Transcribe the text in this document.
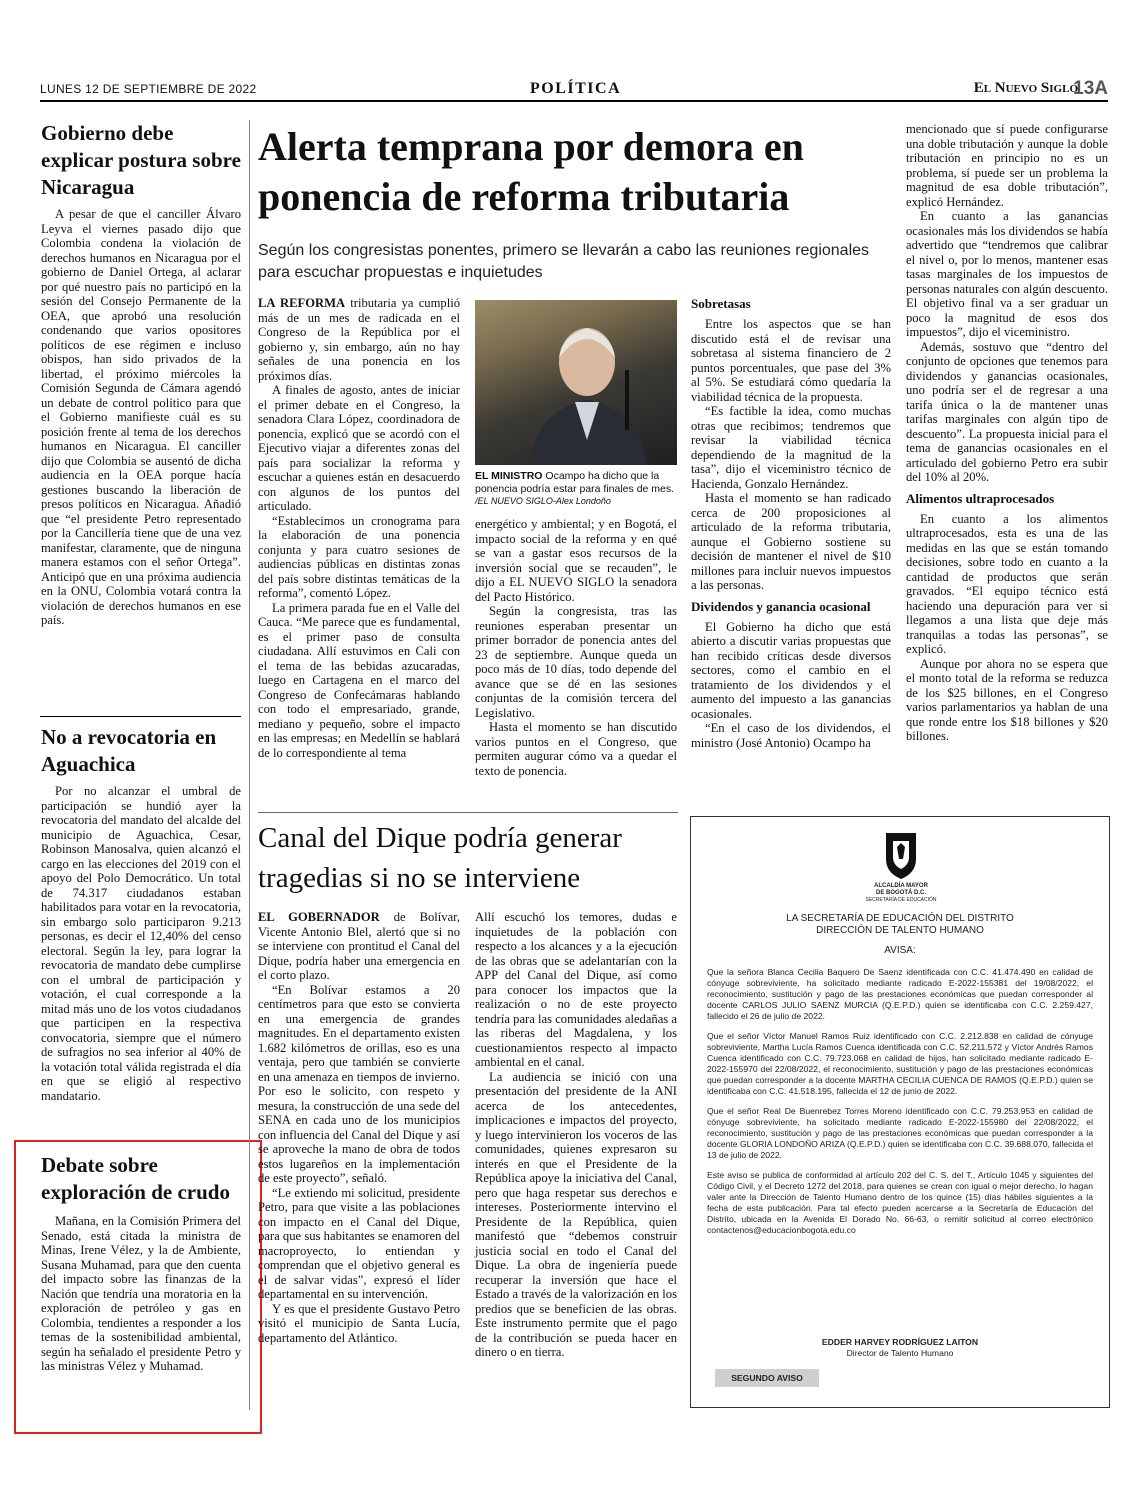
LUNES 12 DE SEPTIEMBRE DE 2022	POLÍTICA	El Nuevo Siglo
13A
Gobierno debe explicar postura sobre Nicaragua

A pesar de que el canciller Álvaro Leyva el viernes pasado dijo que Colombia condena la violación de derechos humanos en Nicaragua por el gobierno de Daniel Ortega, al aclarar por qué nuestro país no participó en la sesión del Consejo Permanente de la OEA, que aprobó una resolución condenando que varios opositores políticos de ese régimen e incluso obispos, han sido privados de la libertad, el próximo miércoles la Comisión Segunda de Cámara agendó un debate de control político para que el Gobierno manifieste cuál es su posición frente al tema de los derechos humanos en Nicaragua. El canciller dijo que Colombia se ausentó de dicha audiencia en la OEA porque hacía gestiones buscando la liberación de presos políticos en Nicaragua. Añadió que “el presidente Petro representado por la Cancillería tiene que de una vez manifestar, claramente, que de ninguna manera estamos con el señor Ortega”. Anticipó que en una próxima audiencia en la ONU, Colombia votará contra la violación de derechos humanos en ese país.

No a revocatoria en Aguachica

Por no alcanzar el umbral de participación se hundió ayer la revocatoria del mandato del alcalde del municipio de Aguachica, Cesar, Robinson Manosalva, quien alcanzó el cargo en las elecciones del 2019 con el apoyo del Polo Democrático. Un total de 74.317 ciudadanos estaban habilitados para votar en la revocatoria, sin embargo solo participaron 9.213 personas, es decir el 12,40% del censo electoral. Según la ley, para lograr la revocatoria de mandato debe cumplirse con el umbral de participación y votación, el cual corresponde a la mitad más uno de los votos ciudadanos que participen en la respectiva convocatoria, siempre que el número de sufragios no sea inferior al 40% de la votación total válida registrada el día en que se eligió al respectivo mandatario.

Debate sobre exploración de crudo

Mañana, en la Comisión Primera del Senado, está citada la ministra de Minas, Irene Vélez, y la de Ambiente, Susana Muhamad, para que den cuenta del impacto sobre las finanzas de la Nación que tendría una moratoria en la exploración de petróleo y gas en Colombia, tendientes a responder a los temas de la sostenibilidad ambiental, según ha señalado el presidente Petro y las ministras Vélez y Muhamad.

Alerta temprana por demora en ponencia de reforma tributaria
Según los congresistas ponentes, primero se llevarán a cabo las reuniones regionales para escuchar propuestas e inquietudes

LA REFORMA tributaria ya cumplió más de un mes de radicada en el Congreso de la República por el gobierno y, sin embargo, aún no hay señales de una ponencia en los próximos días.

A finales de agosto, antes de iniciar el primer debate en el Congreso, la senadora Clara López, coordinadora de ponencia, explicó que se acordó con el Ejecutivo viajar a diferentes zonas del país para socializar la reforma y escuchar a quienes están en desacuerdo con algunos de los puntos del articulado.

“Establecimos un cronograma para la elaboración de una ponencia conjunta y para cuatro sesiones de audiencias públicas en distintas zonas del país sobre distintas temáticas de la reforma”, comentó López.

La primera parada fue en el Valle del Cauca. “Me parece que es fundamental, es el primer paso de consulta ciudadana. Allí estuvimos en Cali con el tema de las bebidas azucaradas, luego en Cartagena en el marco del Congreso de Confecámaras hablando con todo el empresariado, grande, mediano y pequeño, sobre el impacto en las empresas; en Medellín se hablará de lo correspondiente al tema

EL MINISTRO Ocampo ha dicho que la ponencia podría estar para finales de mes. /EL NUEVO SIGLO-Alex Londoño

energético y ambiental; y en Bogotá, el impacto social de la reforma y en qué se van a gastar esos recursos de la inversión social que se recauden”, le dijo a EL NUEVO SIGLO la senadora del Pacto Histórico.

Según la congresista, tras las reuniones esperaban presentar un primer borrador de ponencia antes del 23 de septiembre. Aunque queda un poco más de 10 días, todo depende del avance que se dé en las sesiones conjuntas de la comisión tercera del Legislativo.

Hasta el momento se han discutido varios puntos en el Congreso, que permiten augurar cómo va a quedar el texto de ponencia.

Sobretasas

Entre los aspectos que se han discutido está el de revisar una sobretasa al sistema financiero de 2 puntos porcentuales, que pase del 3% al 5%. Se estudiará cómo quedaría la viabilidad técnica de la propuesta.

“Es factible la idea, como muchas otras que recibimos; tendremos que revisar la viabilidad técnica dependiendo de la magnitud de la tasa”, dijo el viceministro técnico de Hacienda, Gonzalo Hernández.

Hasta el momento se han radicado cerca de 200 proposiciones al articulado de la reforma tributaria, aunque el Gobierno sostiene su decisión de mantener el nivel de $10 millones para incluir nuevos impuestos a las personas.

Dividendos y ganancia ocasional

El Gobierno ha dicho que está abierto a discutir varias propuestas que han recibido críticas desde diversos sectores, como el cambio en el tratamiento de los dividendos y el aumento del impuesto a las ganancias ocasionales.

“En el caso de los dividendos, el ministro (José Antonio) Ocampo ha

mencionado que sí puede configurarse una doble tributación y aunque la doble tributación en principio no es un problema, sí puede ser un problema la magnitud de esa doble tributación”, explicó Hernández.

En cuanto a las ganancias ocasionales más los dividendos se había advertido que “tendremos que calibrar el nivel o, por lo menos, mantener esas tasas marginales de los impuestos de personas naturales con algún descuento. El objetivo final va a ser graduar un poco la magnitud de esos dos impuestos”, dijo el viceministro.

Además, sostuvo que “dentro del conjunto de opciones que tenemos para dividendos y ganancias ocasionales, uno podría ser el de regresar a una tarifa única o la de mantener unas tarifas marginales con algún tipo de descuento”. La propuesta inicial para el tema de ganancias ocasionales en el articulado del gobierno Petro era subir del 10% al 20%.

Alimentos ultraprocesados

En cuanto a los alimentos ultraprocesados, esta es una de las medidas en las que se están tomando decisiones, sobre todo en cuanto a la cantidad de productos que serán gravados. “El equipo técnico está haciendo una depuración para ver si llegamos a una lista que deje más tranquilas a todas las personas”, se explicó.

Aunque por ahora no se espera que el monto total de la reforma se reduzca de los $25 billones, en el Congreso varios parlamentarios ya hablan de una que ronde entre los $18 billones y $20 billones.

Canal del Dique podría generar tragedias si no se interviene

EL GOBERNADOR de Bolívar, Vicente Antonio Blel, alertó que si no se interviene con prontitud el Canal del Dique, podría haber una emergencia en el corto plazo.

“En Bolívar estamos a 20 centímetros para que esto se convierta en una emergencia de grandes magnitudes. En el departamento existen 1.682 kilómetros de orillas, eso es una ventaja, pero que también se convierte en una amenaza en tiempos de invierno. Por eso le solicito, con respeto y mesura, la construcción de una sede del SENA en cada uno de los municipios con influencia del Canal del Dique y así se aproveche la mano de obra de todos estos lugareños en la implementación de este proyecto”, señaló.

“Le extiendo mi solicitud, presidente Petro, para que visite a las poblaciones con impacto en el Canal del Dique, para que sus habitantes se enamoren del macroproyecto, lo entiendan y comprendan que el objetivo general es el de salvar vidas”, expresó el líder departamental en su intervención.

Y es que el presidente Gustavo Petro visitó el municipio de Santa Lucía, departamento del Atlántico.

Allí escuchó los temores, dudas e inquietudes de la población con respecto a los alcances y a la ejecución de las obras que se adelantarían con la APP del Canal del Dique, así como para conocer los impactos que la realización o no de este proyecto tendría para las comunidades aledañas a las riberas del Magdalena, y los cuestionamientos respecto al impacto ambiental en el canal.

La audiencia se inició con una presentación del presidente de la ANI acerca de los antecedentes, implicaciones e impactos del proyecto, y luego intervinieron los voceros de las comunidades, quienes expresaron su interés en que el Presidente de la República apoye la iniciativa del Canal, pero que haga respetar sus derechos e intereses. Posteriormente intervino el Presidente de la República, quien manifestó que “debemos construir justicia social en todo el Canal del Dique. La obra de ingeniería puede recuperar la inversión que hace el Estado a través de la valorización en los predios que se beneficien de las obras. Este instrumento permite que el pago de la contribución se pueda hacer en dinero o en tierra.

ALCALDÍA MAYOR
DE BOGOTÁ D.C.
SECRETARÍA DE EDUCACIÓN
LA SECRETARÍA DE EDUCACIÓN DEL DISTRITO
DIRECCIÓN DE TALENTO HUMANO
AVISA:

Que la señora Blanca Cecilia Baquero De Saenz identificada con C.C. 41.474.490 en calidad de cónyuge sobreviviente, ha solicitado mediante radicado E-2022-155381 del 19/08/2022, el reconocimiento, sustitución y pago de las prestaciones económicas que puedan corresponder al docente CARLOS JULIO SAENZ MURCIA (Q.E.P.D.) quien se identificaba con C.C. 2.259.427, fallecido el 26 de julio de 2022.

Que el señor Víctor Manuel Ramos Ruiz identificado con C.C. 2.212.838 en calidad de cónyuge sobreviviente, Martha Lucía Ramos Cuenca identificada con C.C. 52.211.572 y Víctor Andrés Ramos Cuenca identificado con C.C. 79.723.068 en calidad de hijos, han solicitado mediante radicado E-2022-155970 del 22/08/2022, el reconocimiento, sustitución y pago de las prestaciones económicas que puedan corresponder a la docente MARTHA CECILIA CUENCA DE RAMOS (Q.E.P.D.) quien se identificaba con C.C. 41.518.195, fallecida el 12 de junio de 2022.

Que el señor Real De Buenrebez Torres Moreno identificado con C.C. 79.253.953 en calidad de cónyuge sobreviviente, ha solicitado mediante radicado E-2022-155980 del 22/08/2022, el reconocimiento, sustitución y pago de las prestaciones económicas que puedan corresponder a la docente GLORIA LONDOÑO ARIZA (Q.E.P.D.) quien se identificaba con C.C. 39.688.070, fallecida el 13 de julio de 2022.

Este aviso se publica de conformidad al artículo 202 del C. S. del T., Artículo 1045 y siguientes del Código Civil, y el Decreto 1272 del 2018, para quienes se crean con igual o mejor derecho, lo hagan valer ante la Dirección de Talento Humano dentro de los quince (15) días hábiles siguientes a la fecha de esta publicación. Para tal efecto pueden acercarse a la Secretaría de Educación del Distrito, ubicada en la Avenida El Dorado No. 66-63, o remitir solicitud al correo electrónico contactenos@educacionbogota.edu.co

EDDER HARVEY RODRÍGUEZ LAITON
Director de Talento Humano
SEGUNDO AVISO
